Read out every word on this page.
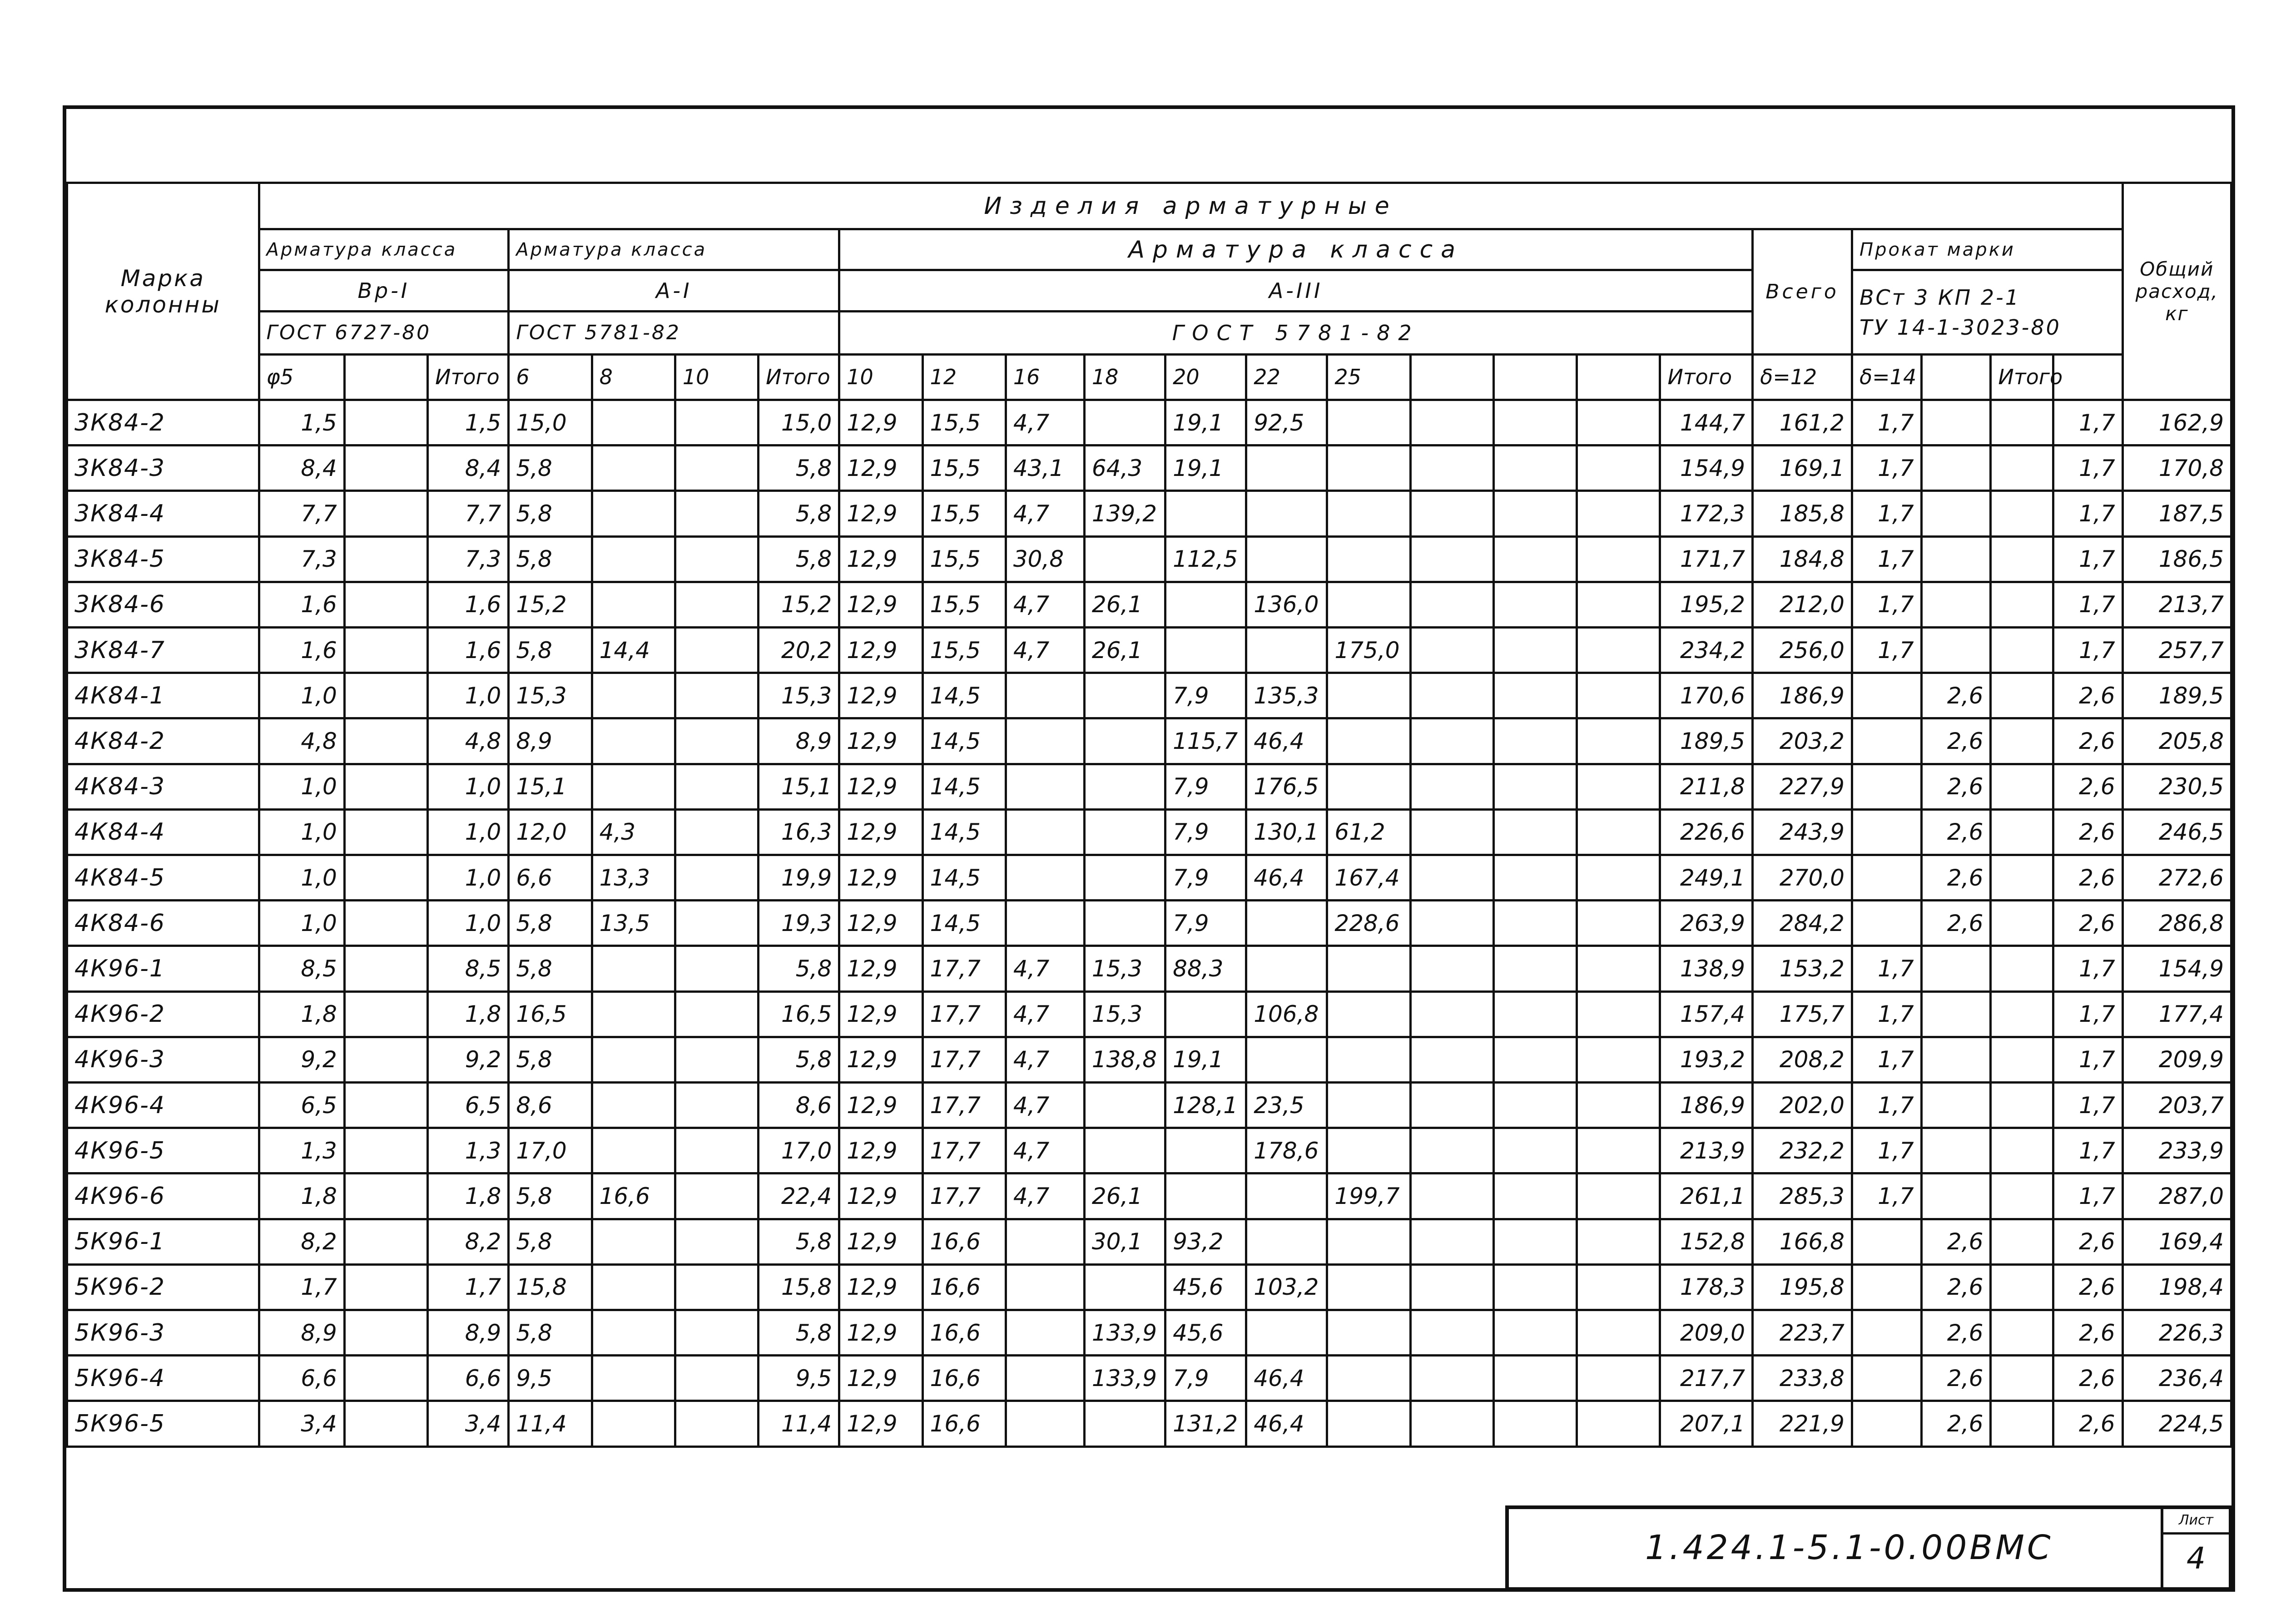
Марка колонны	Изделия арматурные																							Общий расход, кг
	Арматура класса			Арматура класса				Арматура класса											Всего	Прокат марки				
	Вр-I			А-I				А-III												ВСт 3 КП 2-1
ТУ 14-1-3023-80				

	ГОСТ 6727-80			ГОСТ 5781-82				ГОСТ 5781-82																
	φ5		Итого	6	8	10	Итого	10	12	16	18	20	22	25				Итого	δ=12	δ=14		Итого		
3К84-2	1,5		1,5	15,0			15,0	12,9	15,5	4,7		19,1	92,5					144,7	161,2	1,7			1,7	162,9
3К84-3	8,4		8,4	5,8			5,8	12,9	15,5	43,1	64,3	19,1						154,9	169,1	1,7			1,7	170,8
3К84-4	7,7		7,7	5,8			5,8	12,9	15,5	4,7	139,2							172,3	185,8	1,7			1,7	187,5
3К84-5	7,3		7,3	5,8			5,8	12,9	15,5	30,8		112,5						171,7	184,8	1,7			1,7	186,5
3К84-6	1,6		1,6	15,2			15,2	12,9	15,5	4,7	26,1		136,0					195,2	212,0	1,7			1,7	213,7
3К84-7	1,6		1,6	5,8	14,4		20,2	12,9	15,5	4,7	26,1			175,0				234,2	256,0	1,7			1,7	257,7
4К84-1	1,0		1,0	15,3			15,3	12,9	14,5			7,9	135,3					170,6	186,9		2,6		2,6	189,5
4К84-2	4,8		4,8	8,9			8,9	12,9	14,5			115,7	46,4					189,5	203,2		2,6		2,6	205,8
4К84-3	1,0		1,0	15,1			15,1	12,9	14,5			7,9	176,5					211,8	227,9		2,6		2,6	230,5
4К84-4	1,0		1,0	12,0	4,3		16,3	12,9	14,5			7,9	130,1	61,2				226,6	243,9		2,6		2,6	246,5
4К84-5	1,0		1,0	6,6	13,3		19,9	12,9	14,5			7,9	46,4	167,4				249,1	270,0		2,6		2,6	272,6
4К84-6	1,0		1,0	5,8	13,5		19,3	12,9	14,5			7,9		228,6				263,9	284,2		2,6		2,6	286,8
4К96-1	8,5		8,5	5,8			5,8	12,9	17,7	4,7	15,3	88,3						138,9	153,2	1,7			1,7	154,9
4К96-2	1,8		1,8	16,5			16,5	12,9	17,7	4,7	15,3		106,8					157,4	175,7	1,7			1,7	177,4
4К96-3	9,2		9,2	5,8			5,8	12,9	17,7	4,7	138,8	19,1						193,2	208,2	1,7			1,7	209,9
4К96-4	6,5		6,5	8,6			8,6	12,9	17,7	4,7		128,1	23,5					186,9	202,0	1,7			1,7	203,7
4К96-5	1,3		1,3	17,0			17,0	12,9	17,7	4,7			178,6					213,9	232,2	1,7			1,7	233,9
4К96-6	1,8		1,8	5,8	16,6		22,4	12,9	17,7	4,7	26,1			199,7				261,1	285,3	1,7			1,7	287,0
5К96-1	8,2		8,2	5,8			5,8	12,9	16,6		30,1	93,2						152,8	166,8		2,6		2,6	169,4
5К96-2	1,7		1,7	15,8			15,8	12,9	16,6			45,6	103,2					178,3	195,8		2,6		2,6	198,4
5К96-3	8,9		8,9	5,8			5,8	12,9	16,6		133,9	45,6						209,0	223,7		2,6		2,6	226,3
5К96-4	6,6		6,6	9,5			9,5	12,9	16,6		133,9	7,9	46,4					217,7	233,8		2,6		2,6	236,4
5К96-5	3,4		3,4	11,4			11,4	12,9	16,6			131,2	46,4					207,1	221,9		2,6		2,6	224,5
1.424.1-5.1-0.00ВМС
Лист
4
